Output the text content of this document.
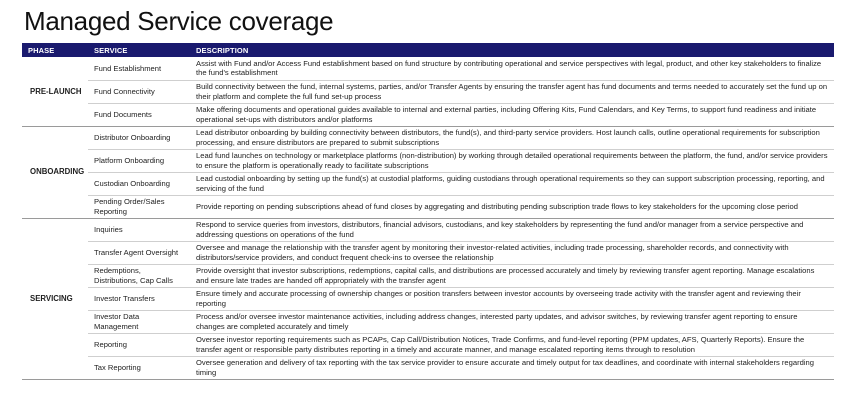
Managed Service coverage
PHASE	SERVICE	DESCRIPTION
PRE-LAUNCH	Fund Establishment	Assist with Fund and/or Access Fund establishment based on fund structure by contributing operational and service perspectives with legal, product, and other key stakeholders to finalize the fund's establishment
	Fund Connectivity	Build connectivity between the fund, internal systems, parties, and/or Transfer Agents by ensuring the transfer agent has fund documents and terms needed to accurately set the fund up on their platform and complete the full fund set-up process
	Fund Documents	Make offering documents and operational guides available to internal and external parties, including Offering Kits, Fund Calendars, and Key Terms, to support fund readiness and initiate operational set-ups with distributors and/or platforms
ONBOARDING	Distributor Onboarding	Lead distributor onboarding by building connectivity between distributors, the fund(s), and third-party service providers. Host launch calls, outline operational requirements for subscription processing, and ensure distributors are prepared to submit subscriptions
	Platform Onboarding	Lead fund launches on technology or marketplace platforms (non-distribution) by working through detailed operational requirements between the platform, the fund, and/or service providers to ensure the platform is operationally ready to facilitate subscriptions
	Custodian Onboarding	Lead custodial onboarding by setting up the fund(s) at custodial platforms, guiding custodians through operational requirements so they can support subscription processing, reporting, and servicing of the fund
	Pending Order/Sales Reporting	Provide reporting on pending subscriptions ahead of fund closes by aggregating and distributing pending subscription trade flows to key stakeholders for the upcoming close period
SERVICING	Inquiries	Respond to service queries from investors, distributors, financial advisors, custodians, and key stakeholders by representing the fund and/or manager from a service perspective and addressing questions on operations of the fund
	Transfer Agent Oversight	Oversee and manage the relationship with the transfer agent by monitoring their investor-related activities, including trade processing, shareholder records, and connectivity with distributors/service providers, and conduct frequent check-ins to oversee the relationship
	Redemptions, Distributions, Cap Calls	Provide oversight that investor subscriptions, redemptions, capital calls, and distributions are processed accurately and timely by reviewing transfer agent reporting. Manage escalations and ensure late trades are handed off appropriately with the transfer agent
	Investor Transfers	Ensure timely and accurate processing of ownership changes or position transfers between investor accounts by overseeing trade activity with the transfer agent and reviewing their reporting
	Investor Data Management	Process and/or oversee investor maintenance activities, including address changes, interested party updates, and advisor switches, by reviewing transfer agent reporting to ensure changes are completed accurately and timely
	Reporting	Oversee investor reporting requirements such as PCAPs, Cap Call/Distribution Notices, Trade Confirms, and fund-level reporting (PPM updates, AFS, Quarterly Reports). Ensure the transfer agent or responsible party distributes reporting in a timely and accurate manner, and manage escalated reporting items through to resolution
	Tax Reporting	Oversee generation and delivery of tax reporting with the tax service provider to ensure accurate and timely output for tax deadlines, and coordinate with internal stakeholders regarding timing
